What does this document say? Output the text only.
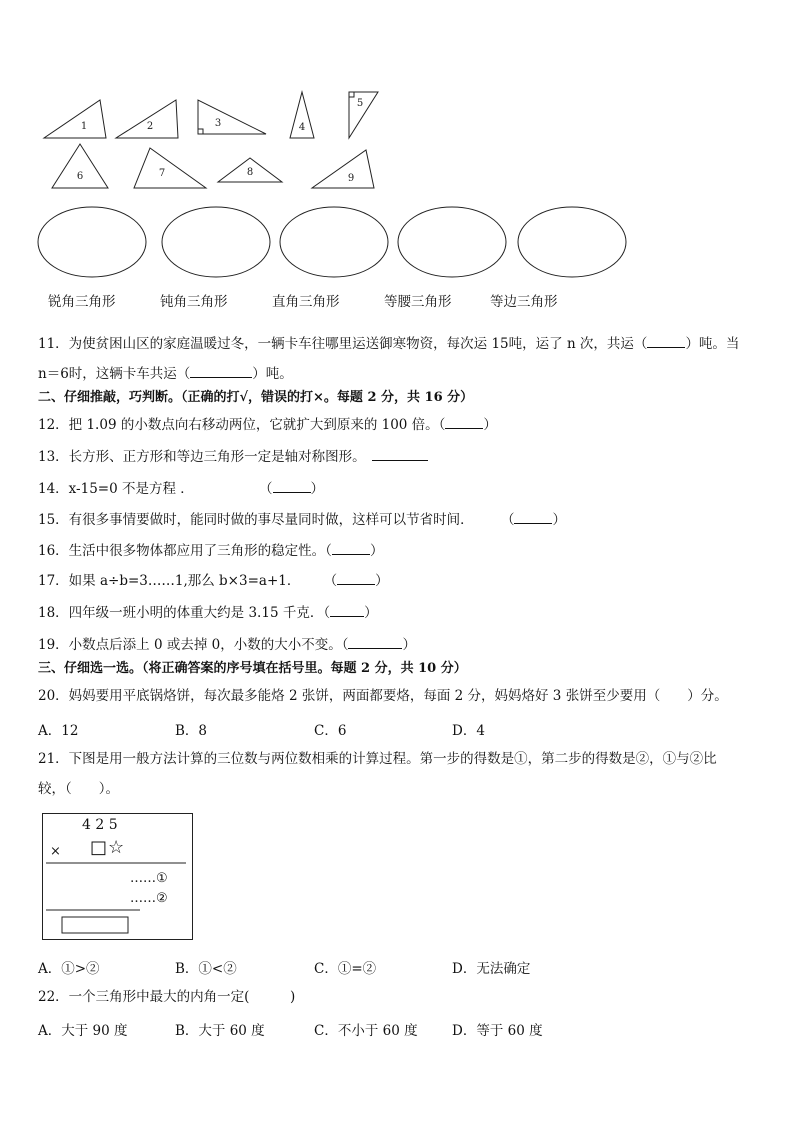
1	2	3	4
5
6	7	8
9
锐角三角形	钝角三角形	直角三角形	等腰三角形	等边三角形
11．为使贫困山区的家庭温暖过冬，一辆卡车往哪里运送御寒物资，每次运 15吨，运了 n 次，共运（	）吨。当
n＝6时，这辆卡车共运（	）吨。
二、仔细推敲，巧判断。（正确的打√，错误的打×。每题 2 分，共 16 分）
12．把 1.09 的小数点向右移动两位，它就扩大到原来的 100 倍。（	）
13．长方形、正方形和等边三角形一定是轴对称图形。
14．x-15=0 不是方程 ．	（	）
15．有很多事情要做时，能同时做的事尽量同时做，这样可以节省时间．	（	）
16．生活中很多物体都应用了三角形的稳定性。（	）
17．如果 a÷b=3……1,那么 b×3=a+1． （	）
18．四年级一班小明的体重大约是 3.15 千克．（	）
19．小数点后添上 0 或去掉 0，小数的大小不变。（	）
三、仔细选一选。（将正确答案的序号填在括号里。每题 2 分，共 10 分）
20．妈妈要用平底锅烙饼，每次最多能烙 2 张饼，两面都要烙，每面 2 分，妈妈烙好 3 张饼至少要用（　　）分。
A．12	B．8	C．6	D．4
21．下图是用一般方法计算的三位数与两位数相乘的计算过程。第一步的得数是①，第二步的得数是②，①与②比
较，（　　）。
4 2 5
× □ ☆
……①
……②
A．①>②	B．①<②	C．①=②	D．无法确定
22．一个三角形中最大的内角一定(　　　)
A．大于 90 度	B．大于 60 度	C．不小于 60 度	D．等于 60 度
